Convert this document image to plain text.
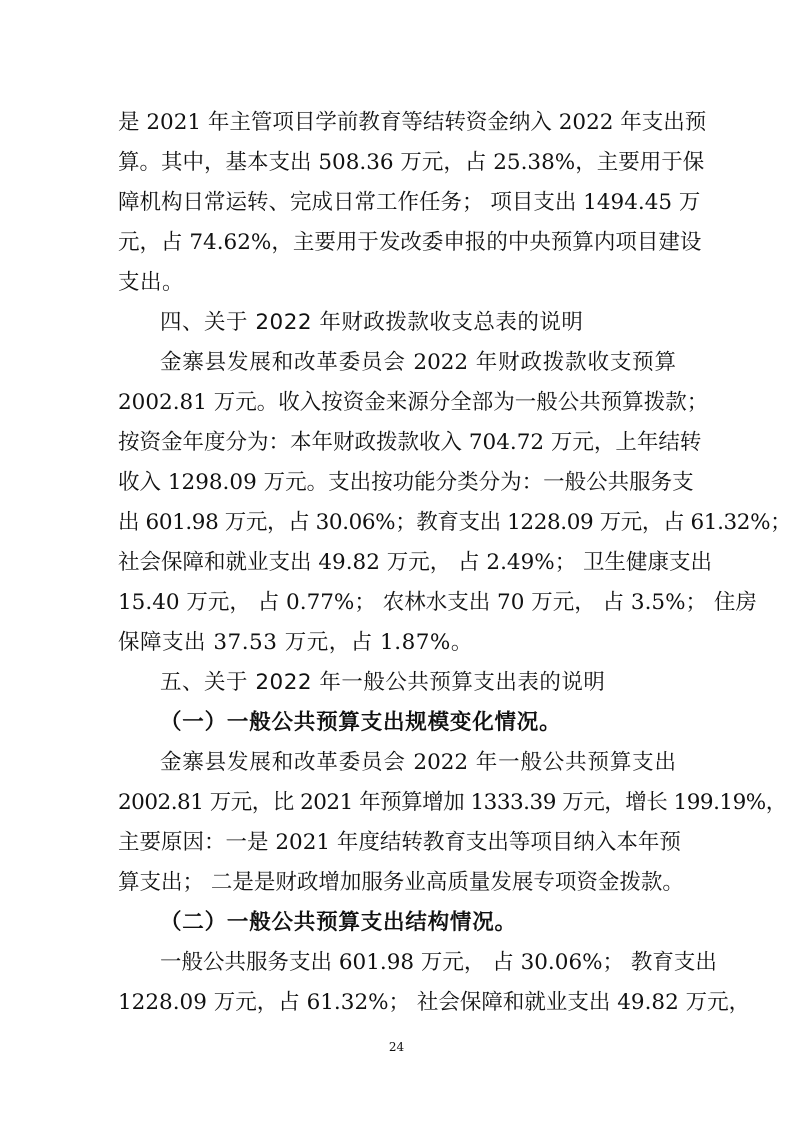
是 2021 年主管项目学前教育等结转资金纳入 2022 年支出预
算。其中，基本支出 508.36 万元，占 25.38%，主要用于保
障机构日常运转、完成日常工作任务； 项目支出 1494.45 万
元，占 74.62%，主要用于发改委申报的中央预算内项目建设
支出。
四、关于 2022 年财政拨款收支总表的说明
金寨县发展和改革委员会 2022 年财政拨款收支预算
2002.81 万元。收入按资金来源分全部为一般公共预算拨款；
按资金年度分为：本年财政拨款收入 704.72 万元，上年结转
收入 1298.09 万元。支出按功能分类分为：一般公共服务支
出 601.98 万元，占 30.06%；教育支出 1228.09 万元，占 61.32%；
社会保障和就业支出 49.82 万元， 占 2.49%； 卫生健康支出
15.40 万元， 占 0.77%； 农林水支出 70 万元， 占 3.5%； 住房
保障支出 37.53 万元，占 1.87%。
五、关于 2022 年一般公共预算支出表的说明
（一）一般公共预算支出规模变化情况。
金寨县发展和改革委员会 2022 年一般公共预算支出
2002.81 万元，比 2021 年预算增加 1333.39 万元，增长 199.19%，
主要原因：一是 2021 年度结转教育支出等项目纳入本年预
算支出； 二是是财政增加服务业高质量发展专项资金拨款。
（二）一般公共预算支出结构情况。
一般公共服务支出 601.98 万元， 占 30.06%； 教育支出
1228.09 万元，占 61.32%； 社会保障和就业支出 49.82 万元，
24
